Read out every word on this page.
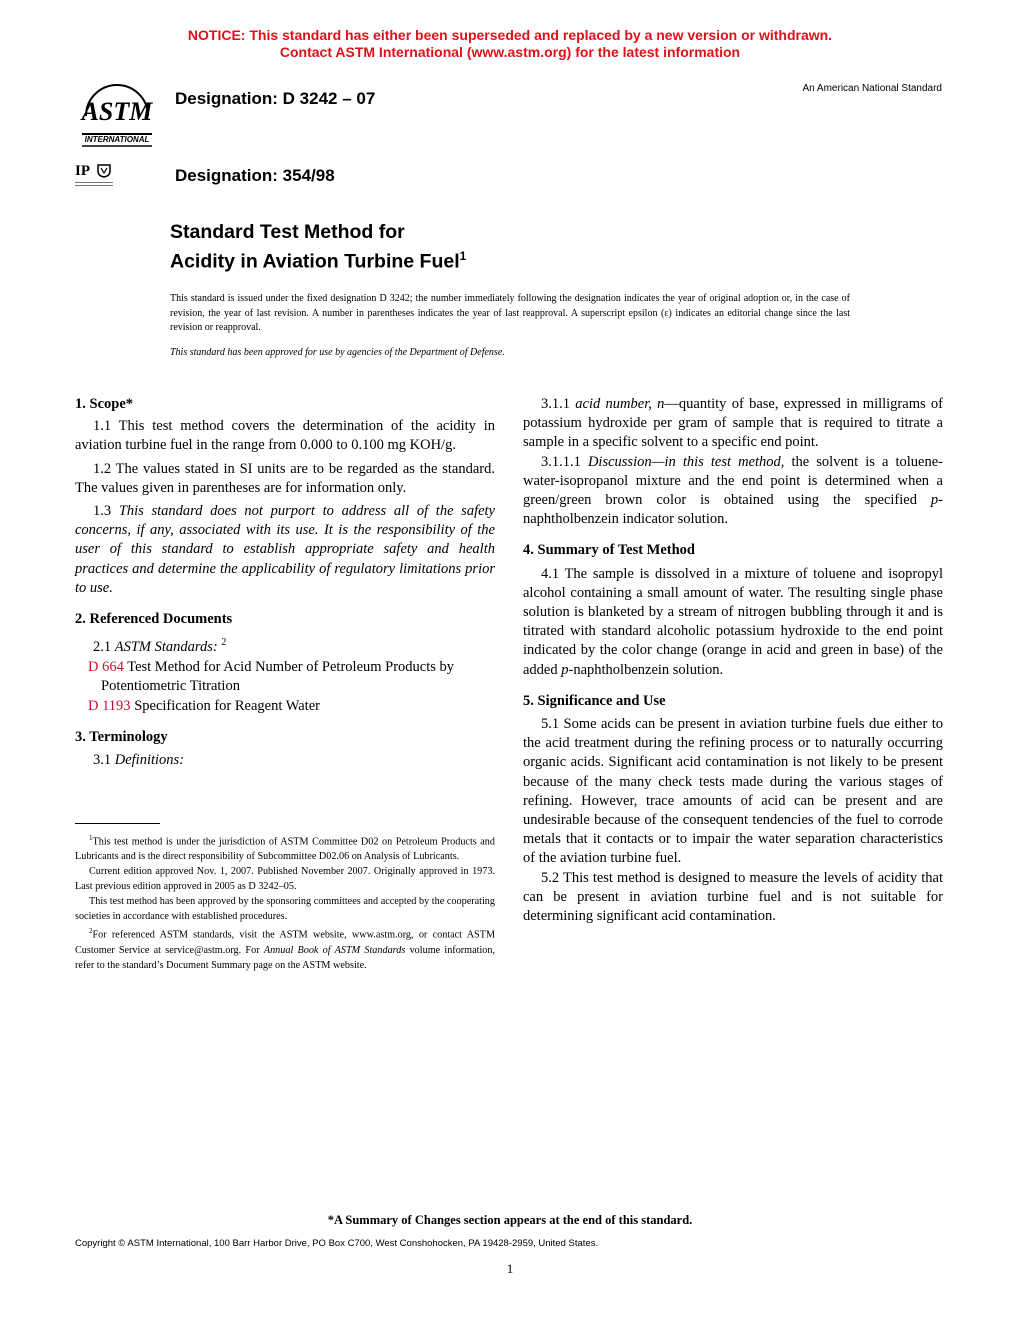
NOTICE: This standard has either been superseded and replaced by a new version or withdrawn.
Contact ASTM International (www.astm.org) for the latest information
ASTM
INTERNATIONAL
IP
Designation: D 3242 – 07
Designation: 354/98
An American National Standard
Standard Test Method for
Acidity in Aviation Turbine Fuel$^1$
This standard is issued under the fixed designation D 3242; the number immediately following the designation indicates the year of original adoption or, in the case of revision, the year of last revision. A number in parentheses indicates the year of last reapproval. A superscript epsilon (ε) indicates an editorial change since the last revision or reapproval.
This standard has been approved for use by agencies of the Department of Defense.
1. Scope*

1.1 This test method covers the determination of the acidity in aviation turbine fuel in the range from 0.000 to 0.100 mg KOH/g.

1.2 The values stated in SI units are to be regarded as the standard. The values given in parentheses are for information only.

1.3 This standard does not purport to address all of the safety concerns, if any, associated with its use. It is the responsibility of the user of this standard to establish appropriate safety and health practices and determine the applicability of regulatory limitations prior to use.

2. Referenced Documents

2.1 ASTM Standards: $^2$

D 664 Test Method for Acid Number of Petroleum Products by Potentiometric Titration

D 1193 Specification for Reagent Water

3. Terminology

3.1 Definitions:

3.1.1 acid number, n—quantity of base, expressed in milligrams of potassium hydroxide per gram of sample that is required to titrate a sample in a specific solvent to a specific end point.

3.1.1.1 Discussion—in this test method, the solvent is a toluene-water-isopropanol mixture and the end point is determined when a green/green brown color is obtained using the specified p-naphtholbenzein indicator solution.

4. Summary of Test Method

4.1 The sample is dissolved in a mixture of toluene and isopropyl alcohol containing a small amount of water. The resulting single phase solution is blanketed by a stream of nitrogen bubbling through it and is titrated with standard alcoholic potassium hydroxide to the end point indicated by the color change (orange in acid and green in base) of the added p-naphtholbenzein solution.

5. Significance and Use

5.1 Some acids can be present in aviation turbine fuels due either to the acid treatment during the refining process or to naturally occurring organic acids. Significant acid contamination is not likely to be present because of the many check tests made during the various stages of refining. However, trace amounts of acid can be present and are undesirable because of the consequent tendencies of the fuel to corrode metals that it contacts or to impair the water separation characteristics of the aviation turbine fuel.

5.2 This test method is designed to measure the levels of acidity that can be present in aviation turbine fuel and is not suitable for determining significant acid contamination.

$^1$This test method is under the jurisdiction of ASTM Committee D02 on Petroleum Products and Lubricants and is the direct responsibility of Subcommittee D02.06 on Analysis of Lubricants.

Current edition approved Nov. 1, 2007. Published November 2007. Originally approved in 1973. Last previous edition approved in 2005 as D 3242–05.

This test method has been approved by the sponsoring committees and accepted by the cooperating societies in accordance with established procedures.

$^2$For referenced ASTM standards, visit the ASTM website, www.astm.org, or contact ASTM Customer Service at service@astm.org. For Annual Book of ASTM Standards volume information, refer to the standard’s Document Summary page on the ASTM website.

*A Summary of Changes section appears at the end of this standard.
Copyright © ASTM International, 100 Barr Harbor Drive, PO Box C700, West Conshohocken, PA 19428-2959, United States.
1
